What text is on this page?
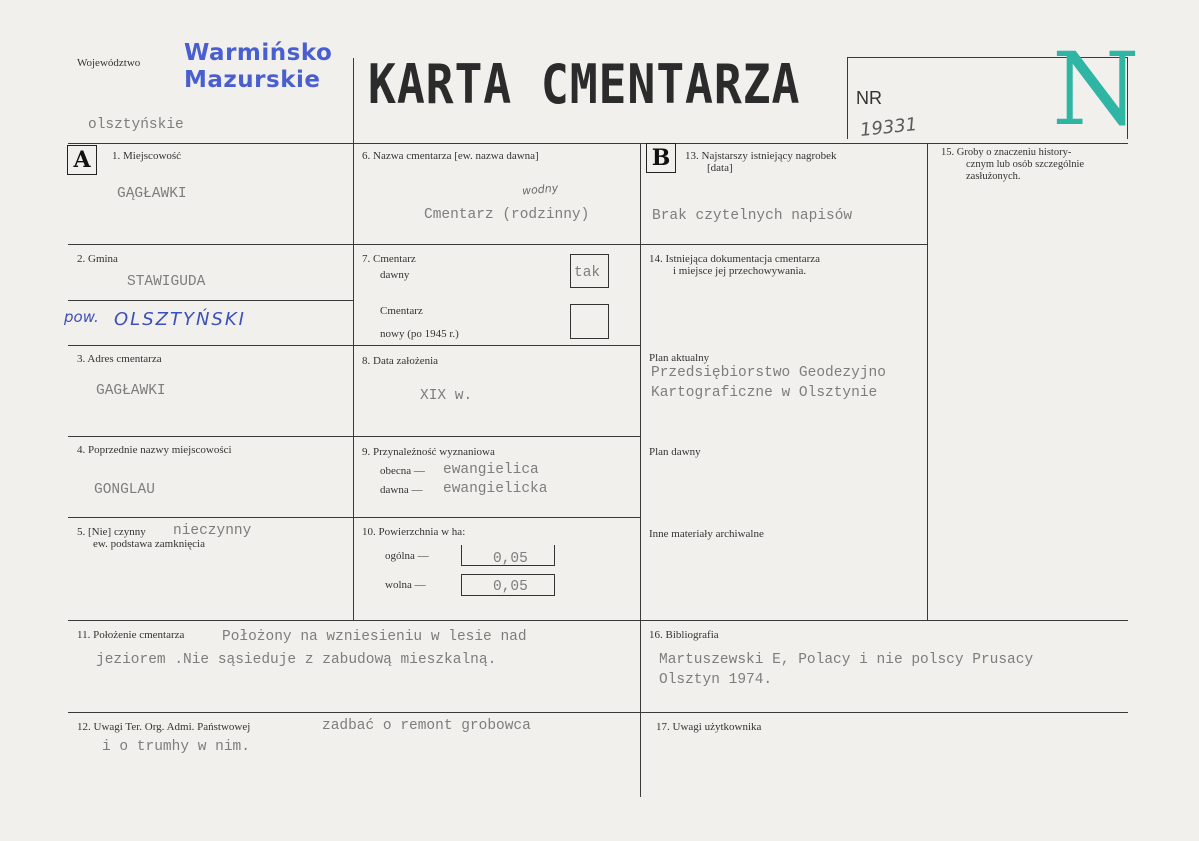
Województwo Warmińsko
Mazurskie
olsztyńskie
KARTA CMENTARZA	NR
19331 N
A	1. Miejscowość
GĄGŁAWKI
2. Gmina
STAWIGUDA
pow. OLSZTYŃSKI
3. Adres cmentarza
GAGŁAWKI
4. Poprzednie nazwy miejscowości
GONGLAU
5. [Nie] czynny
ew. podstawa zamknięcia
nieczynny
6. Nazwa cmentarza [ew. nazwa dawna]
wodny
Cmentarz (rodzinny)
7. Cmentarz
dawny	tak
Cmentarz
nowy (po 1945 r.)
8. Data założenia
XIX w.
9. Przynależność wyznaniowa
obecna — ewangielica
dawna — ewangielicka
10. Powierzchnia w ha:
ogólna —	0,05
wolna —	0,05
B	13. Najstarszy istniejący nagrobek
[data]
Brak czytelnych napisów
14. Istniejąca dokumentacja cmentarza
i miejsce jej przechowywania.
Plan aktualny
Przedsiębiorstwo Geodezyjno
Kartograficzne w Olsztynie
Plan dawny
Inne materiały archiwalne
15. Groby o znaczeniu history-
cznym lub osób szczególnie
zasłużonych.
11. Położenie cmentarza	Położony na wzniesieniu w lesie nad
jeziorem .Nie sąsieduje z zabudową mieszkalną.
16. Bibliografia
Martuszewski E, Polacy i nie polscy Prusacy
Olsztyn 1974.
12. Uwagi Ter. Org. Admi. Państwowej	zadbać o remont grobowca
i o trumhy w nim.
17. Uwagi użytkownika
